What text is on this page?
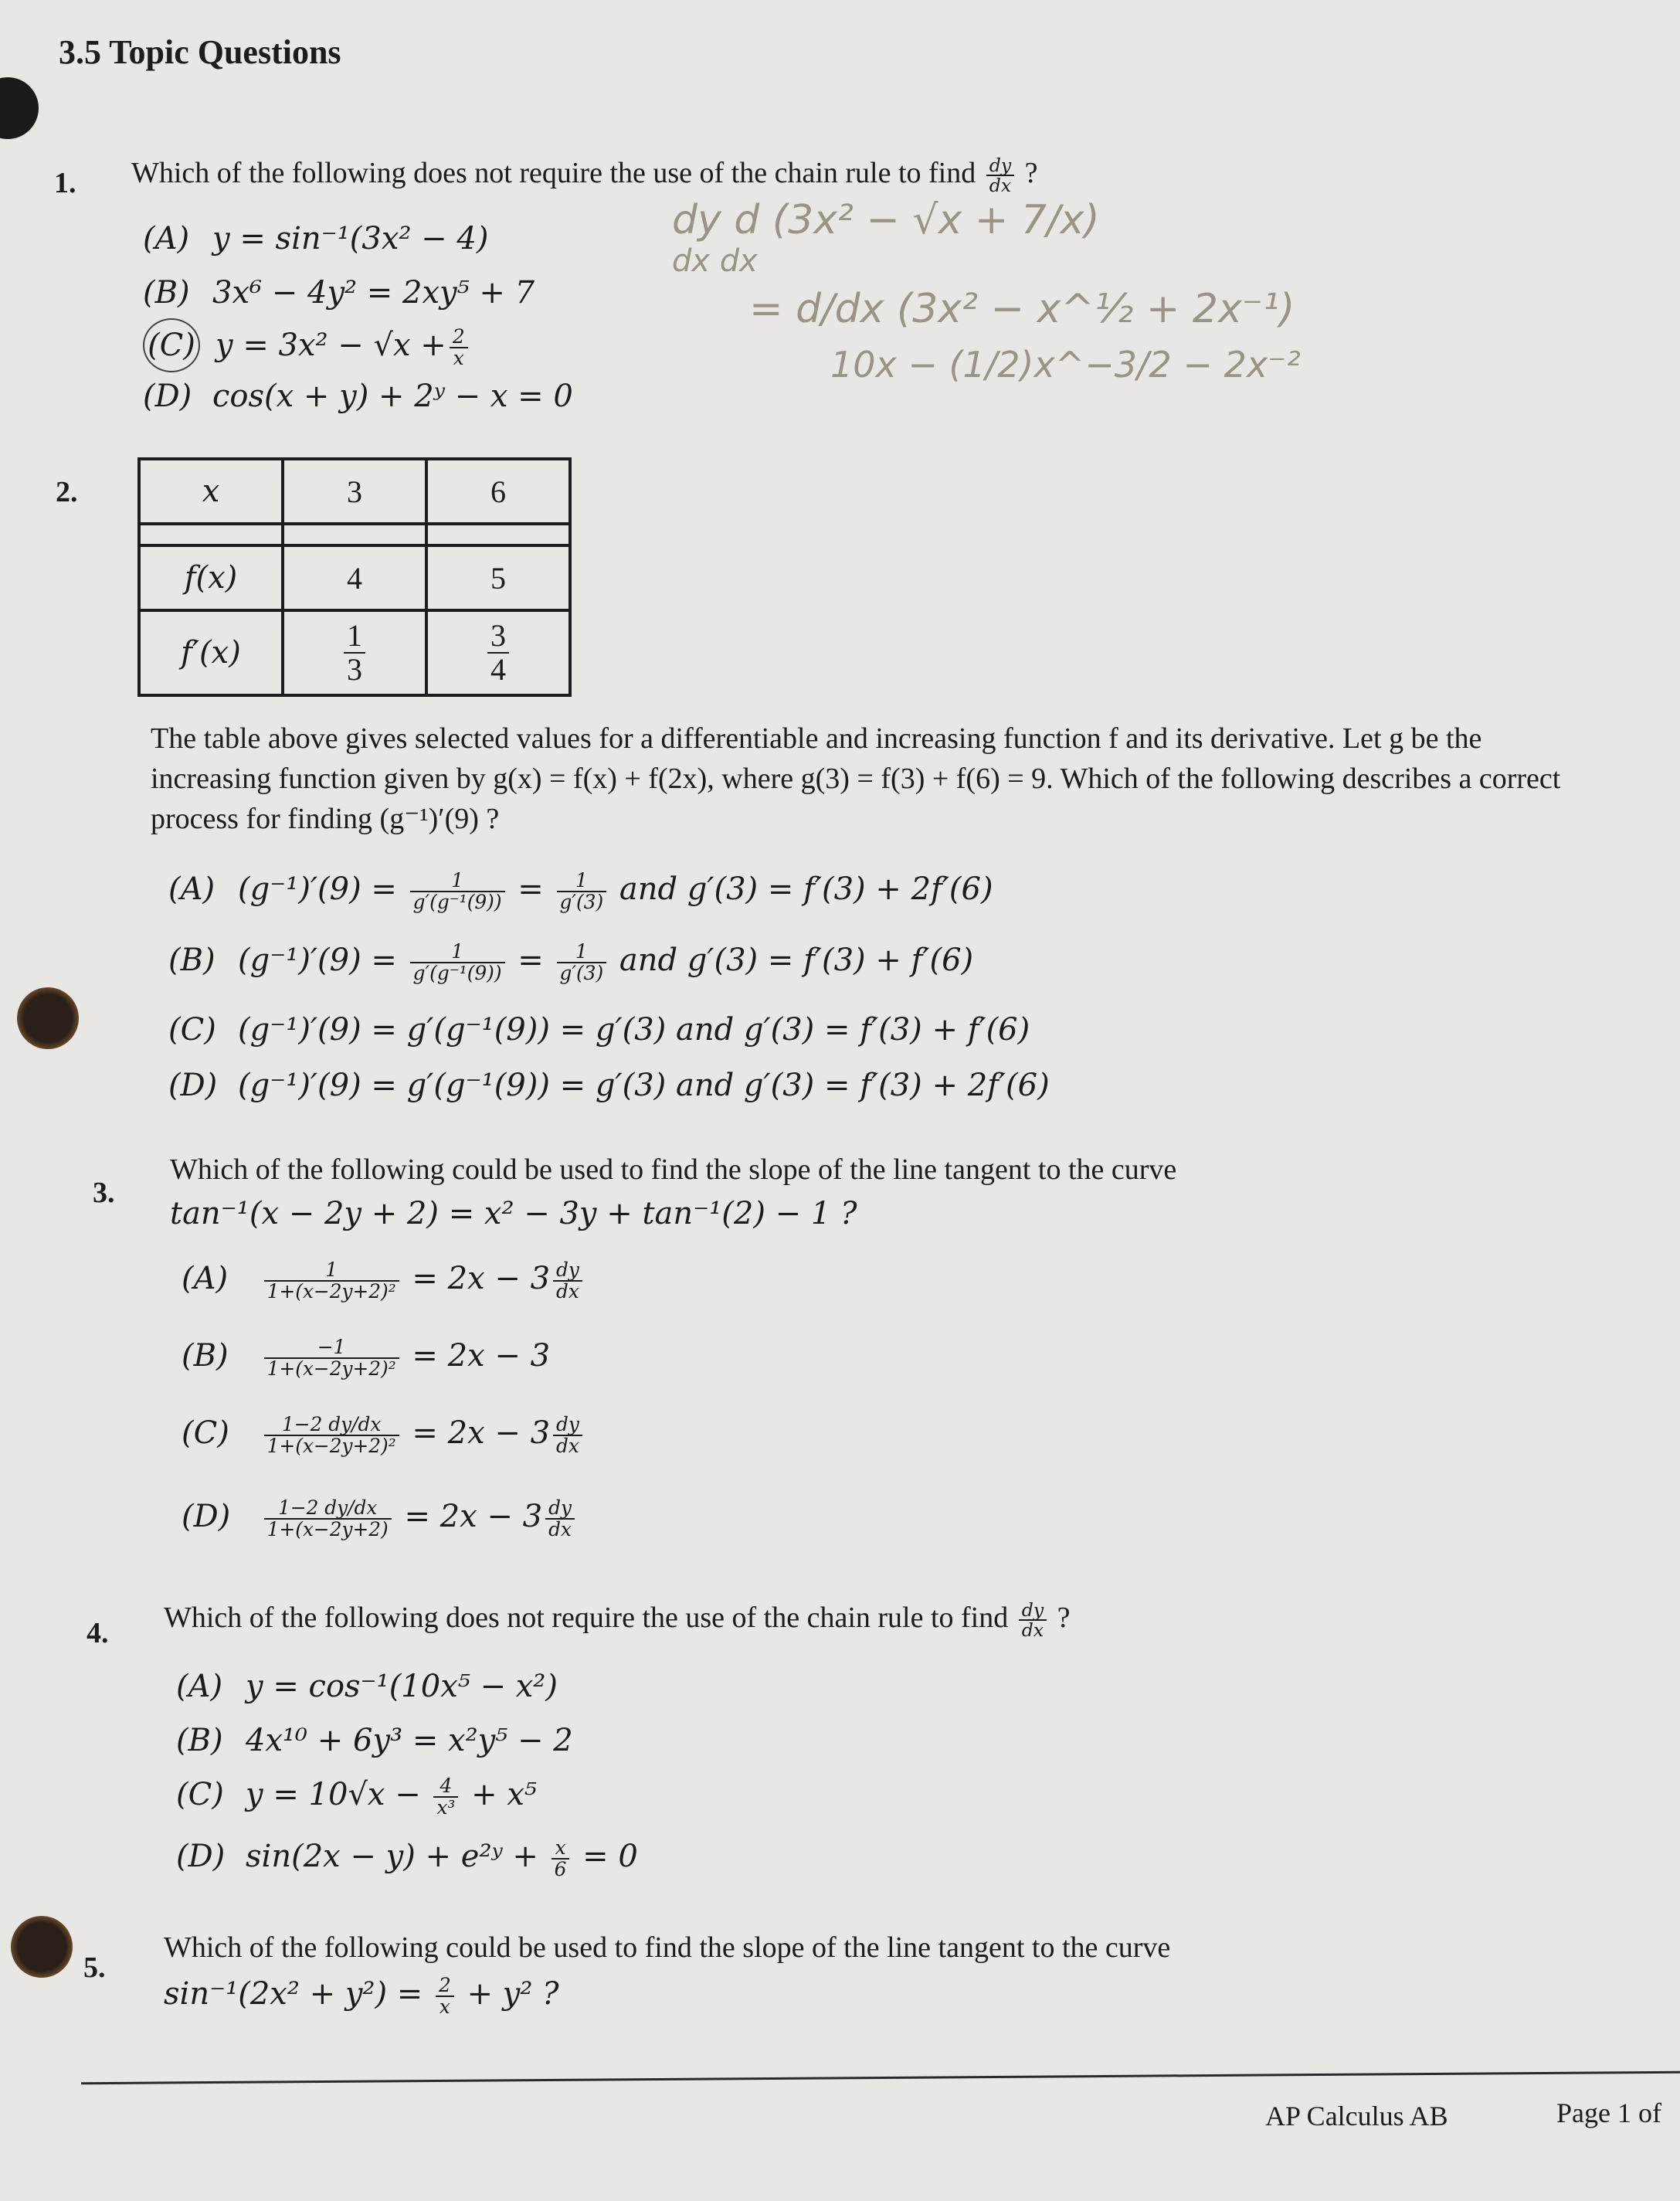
3.5 Topic Questions
1. Which of the following does not require the use of the chain rule to find $\frac{dy}{dx}$ ?
(A) y = sin⁻¹(3x² − 4)
(B) 3x⁶ − 4y² = 2xy⁵ + 7
(C) $y = 3x^2 - √x + \frac{2}{x}$
(D) cos(x + y) + 2ʸ − x = 0
dy d (3x² − √x + 7/x)
dx dx
= d/dx (3x² − x^½ + 2x⁻¹)
10x − (1/2)x^−3/2 − 2x⁻²
2.	x	3	6

f(x)	4	5
f′(x)	$\frac{1}{3}$	$\frac{3}{4}$
The table above gives selected values for a differentiable and increasing function f and its derivative. Let g be the increasing function given by g(x) = f(x) + f(2x), where g(3) = f(3) + f(6) = 9. Which of the following describes a correct process for finding (g⁻¹)′(9) ?
(A) $(g^{-1})'(9) = \frac{1}{\text{g′(g⁻¹(9))}} = \frac{1}{g'(3)}$ and g′(3) = f′(3) + 2f′(6)
(B) $(g^{-1})'(9) = \frac{1}{\text{g′(g⁻¹(9))}} = \frac{1}{g'(3)}$ and g′(3) = f′(3) + f′(6)
(C) (g⁻¹)′(9) = g′(g⁻¹(9)) = g′(3) and g′(3) = f′(3) + f′(6)
(D) (g⁻¹)′(9) = g′(g⁻¹(9)) = g′(3) and g′(3) = f′(3) + 2f′(6)
3.
Which of the following could be used to find the slope of the line tangent to the curve
tan⁻¹(x − 2y + 2) = x² − 3y + tan⁻¹(2) − 1 ?
$(A) \frac{1}{\text{1+(x−2y+2)²}} = 2x - 3 \frac{dy}{dx}$
$(B) \frac{-1}{\text{1+(x−2y+2)²}} = 2x - 3$
$(C) \frac{1-2 dy/dx}{\text{1+(x−2y+2)²}} = 2x - 3 \frac{dy}{dx}$
$(D) \frac{1-2 dy/dx}{1+(x-2y+2)} = 2x - 3 \frac{dy}{dx}$
4. Which of the following does not require the use of the chain rule to find $\frac{dy}{dx}$ ?
(A) y = cos⁻¹(10x⁵ − x²)
(B) 4x¹⁰ + 6y³ = x²y⁵ − 2
(C) $y = 10√x - \frac{4}{\text{x³}} + x^5$
(D) sin(2x − y) + e²ʸ + $\frac{x}{6} = 0$
5.
Which of the following could be used to find the slope of the line tangent to the curve
$\sin^{-1}(2x^2 + y^2) = \frac{2}{x} + y^2$ ?
AP Calculus AB	Page 1 of
